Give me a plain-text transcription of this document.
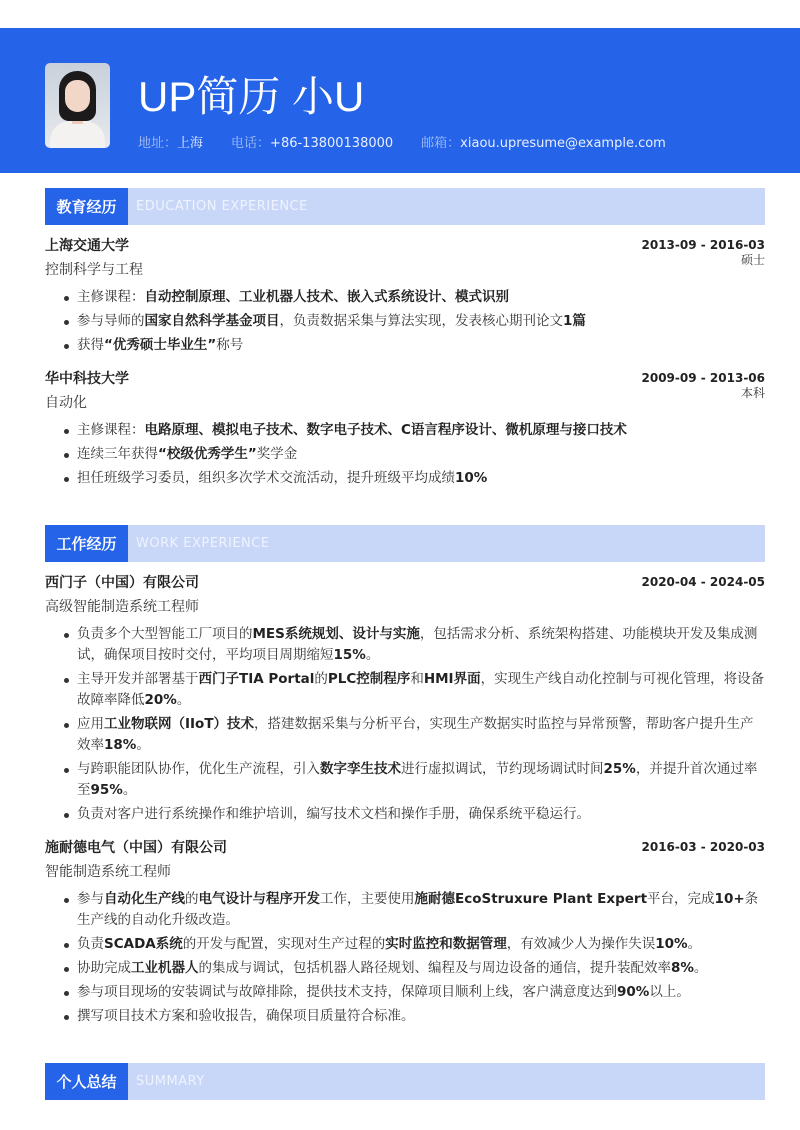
UP简历 小U
地址：上海 电话：+86-13800138000 邮箱：xiaou.upresume@example.com
教育经历	EDUCATION EXPERIENCE
上海交通大学	2013-09 - 2016-03
控制科学与工程
硕士
主修课程：自动控制原理、工业机器人技术、嵌入式系统设计、模式识别
参与导师的国家自然科学基金项目，负责数据采集与算法实现，发表核心期刊论文1篇
获得“优秀硕士毕业生”称号
华中科技大学	2009-09 - 2013-06
自动化
本科
主修课程：电路原理、模拟电子技术、数字电子技术、C语言程序设计、微机原理与接口技术
连续三年获得“校级优秀学生”奖学金
担任班级学习委员，组织多次学术交流活动，提升班级平均成绩10%
工作经历	WORK EXPERIENCE
西门子（中国）有限公司	2020-04 - 2024-05
高级智能制造系统工程师
负责多个大型智能工厂项目的MES系统规划、设计与实施，包括需求分析、系统架构搭建、功能模块开发及集成测试，确保项目按时交付，平均项目周期缩短15%。
主导开发并部署基于西门子TIA Portal的PLC控制程序和HMI界面，实现生产线自动化控制与可视化管理，将设备故障率降低20%。
应用工业物联网（IIoT）技术，搭建数据采集与分析平台，实现生产数据实时监控与异常预警，帮助客户提升生产效率18%。
与跨职能团队协作，优化生产流程，引入数字孪生技术进行虚拟调试，节约现场调试时间25%，并提升首次通过率至95%。
负责对客户进行系统操作和维护培训，编写技术文档和操作手册，确保系统平稳运行。
施耐德电气（中国）有限公司	2016-03 - 2020-03
智能制造系统工程师
参与自动化生产线的电气设计与程序开发工作，主要使用施耐德EcoStruxure Plant Expert平台，完成10+条生产线的自动化升级改造。
负责SCADA系统的开发与配置，实现对生产过程的实时监控和数据管理，有效减少人为操作失误10%。
协助完成工业机器人的集成与调试，包括机器人路径规划、编程及与周边设备的通信，提升装配效率8%。
参与项目现场的安装调试与故障排除，提供技术支持，保障项目顺利上线，客户满意度达到90%以上。
撰写项目技术方案和验收报告，确保项目质量符合标准。
个人总结	SUMMARY
